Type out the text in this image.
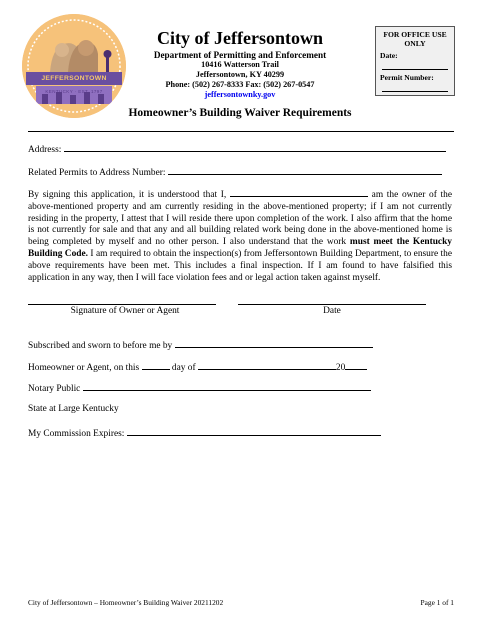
JEFFERSONTOWN
KENTUCKY · EST. 1797
City of Jeffersontown
Department of Permitting and Enforcement
10416 Watterson Trail
Jeffersontown, KY 40299
Phone: (502) 267-8333 Fax: (502) 267-0547
jeffersontownky.gov
FOR OFFICE USE ONLY
Date:
Permit Number:
Homeowner’s Building Waiver Requirements
Address:
Related Permits to Address Number:
By signing this application, it is understood that I,	am the owner of the above-mentioned property and am currently residing in the above-mentioned property; if I am not currently residing in the property, I attest that I will reside there upon completion of the work. I also affirm that the home is not currently for sale and that any and all building related work being done in the above-mentioned home is being completed by myself and no other person. I also understand that the work must meet the Kentucky Building Code. I am required to obtain the inspection(s) from Jeffersontown Building Department, to ensure the above requirements have been met. This includes a final inspection. If I am found to have falsified this application in any way, then I will face violation fees and or legal action taken against myself.
Signature of Owner or Agent	Date
Subscribed and sworn to before me by
Homeowner or Agent, on this	day of	20
Notary Public
State at Large Kentucky
My Commission Expires:
City of Jeffersontown – Homeowner’s Building Waiver 20211202	Page 1 of 1
